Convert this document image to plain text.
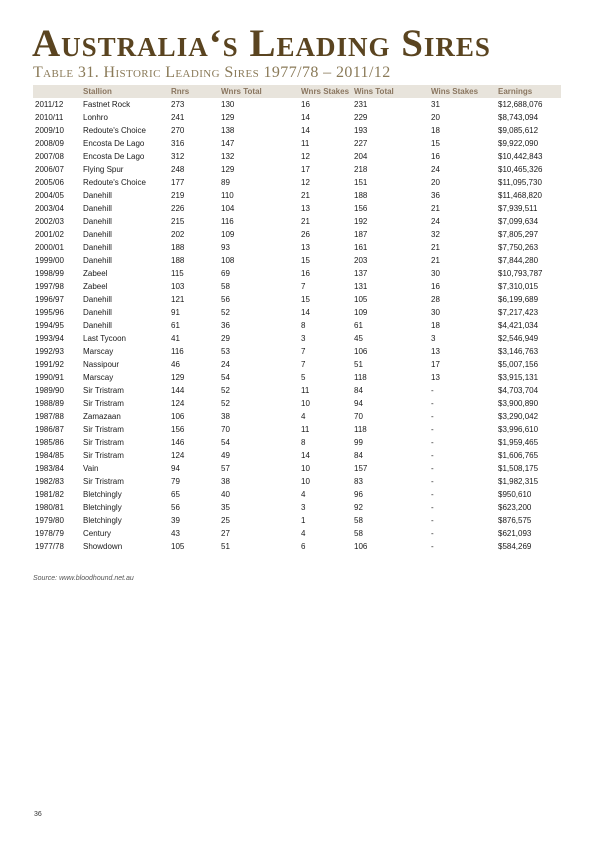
Australia‘s Leading Sires
Table 31. Historic Leading Sires 1977/78 – 2011/12
	Stallion	Rnrs	Wnrs Total	Wnrs Stakes	Wins Total	Wins Stakes	Earnings
2011/12	Fastnet Rock	273	130	16	231	31	$12,688,076
2010/11	Lonhro	241	129	14	229	20	$8,743,094
2009/10	Redoute's Choice	270	138	14	193	18	$9,085,612
2008/09	Encosta De Lago	316	147	11	227	15	$9,922,090
2007/08	Encosta De Lago	312	132	12	204	16	$10,442,843
2006/07	Flying Spur	248	129	17	218	24	$10,465,326
2005/06	Redoute's Choice	177	89	12	151	20	$11,095,730
2004/05	Danehill	219	110	21	188	36	$11,468,820
2003/04	Danehill	226	104	13	156	21	$7,939,511
2002/03	Danehill	215	116	21	192	24	$7,099,634
2001/02	Danehill	202	109	26	187	32	$7,805,297
2000/01	Danehill	188	93	13	161	21	$7,750,263
1999/00	Danehill	188	108	15	203	21	$7,844,280
1998/99	Zabeel	115	69	16	137	30	$10,793,787
1997/98	Zabeel	103	58	7	131	16	$7,310,015
1996/97	Danehill	121	56	15	105	28	$6,199,689
1995/96	Danehill	91	52	14	109	30	$7,217,423
1994/95	Danehill	61	36	8	61	18	$4,421,034
1993/94	Last Tycoon	41	29	3	45	3	$2,546,949
1992/93	Marscay	116	53	7	106	13	$3,146,763
1991/92	Nassipour	46	24	7	51	17	$5,007,156
1990/91	Marscay	129	54	5	118	13	$3,915,131
1989/90	Sir Tristram	144	52	11	84	-	$4,703,704
1988/89	Sir Tristram	124	52	10	94	-	$3,900,890
1987/88	Zamazaan	106	38	4	70	-	$3,290,042
1986/87	Sir Tristram	156	70	11	118	-	$3,996,610
1985/86	Sir Tristram	146	54	8	99	-	$1,959,465
1984/85	Sir Tristram	124	49	14	84	-	$1,606,765
1983/84	Vain	94	57	10	157	-	$1,508,175
1982/83	Sir Tristram	79	38	10	83	-	$1,982,315
1981/82	Bletchingly	65	40	4	96	-	$950,610
1980/81	Bletchingly	56	35	3	92	-	$623,200
1979/80	Bletchingly	39	25	1	58	-	$876,575
1978/79	Century	43	27	4	58	-	$621,093
1977/78	Showdown	105	51	6	106	-	$584,269
Source: www.bloodhound.net.au
36
